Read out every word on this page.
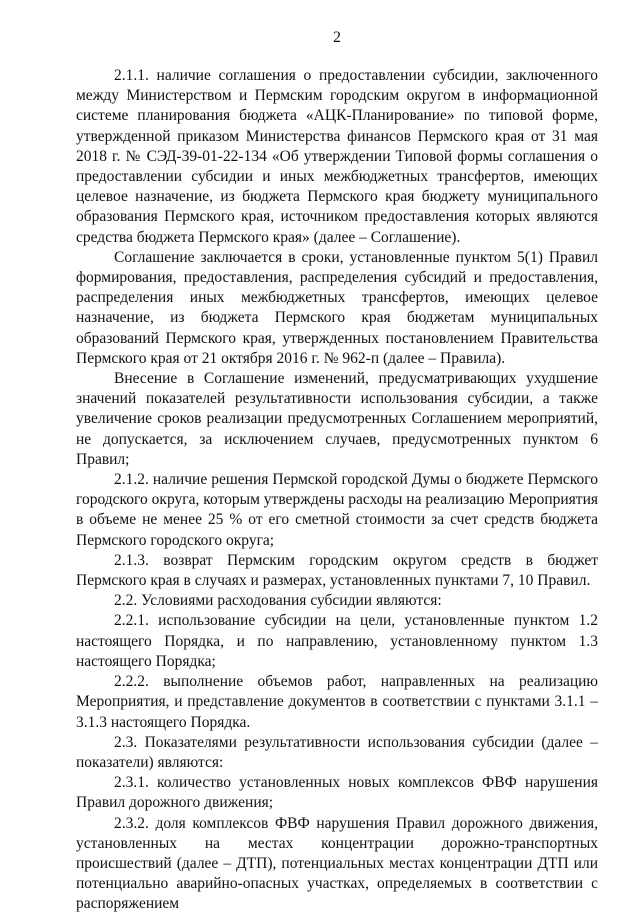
2

2.1.1. наличие соглашения о предоставлении субсидии, заключенного между Министерством и Пермским городским округом в информационной системе планирования бюджета «АЦК-Планирование» по типовой форме, утвержденной приказом Министерства финансов Пермского края от 31 мая 2018 г. № СЭД-39-01-22-134 «Об утверждении Типовой формы соглашения о предоставлении субсидии и иных межбюджетных трансфертов, имеющих целевое назначение, из бюджета Пермского края бюджету муниципального образования Пермского края, источником предоставления которых являются средства бюджета Пермского края» (далее – Соглашение).

Соглашение заключается в сроки, установленные пунктом 5(1) Правил формирования, предоставления, распределения субсидий и предоставления, распределения иных межбюджетных трансфертов, имеющих целевое назначение, из бюджета Пермского края бюджетам муниципальных образований Пермского края, утвержденных постановлением Правительства Пермского края от 21 октября 2016 г. № 962-п (далее – Правила).

Внесение в Соглашение изменений, предусматривающих ухудшение значений показателей результативности использования субсидии, а также увеличение сроков реализации предусмотренных Соглашением мероприятий, не допускается, за исключением случаев, предусмотренных пунктом 6 Правил;

2.1.2. наличие решения Пермской городской Думы о бюджете Пермского городского округа, которым утверждены расходы на реализацию Мероприятия в объеме не менее 25 % от его сметной стоимости за счет средств бюджета Пермского городского округа;

2.1.3. возврат Пермским городским округом средств в бюджет Пермского края в случаях и размерах, установленных пунктами 7, 10 Правил.

2.2. Условиями расходования субсидии являются:

2.2.1. использование субсидии на цели, установленные пунктом 1.2 настоящего Порядка, и по направлению, установленному пунктом 1.3 настоящего Порядка;

2.2.2. выполнение объемов работ, направленных на реализацию Мероприятия, и представление документов в соответствии с пунктами 3.1.1 – 3.1.3 настоящего Порядка.

2.3. Показателями результативности использования субсидии (далее – показатели) являются:

2.3.1. количество установленных новых комплексов ФВФ нарушения Правил дорожного движения;

2.3.2. доля комплексов ФВФ нарушения Правил дорожного движения, установленных на местах концентрации дорожно-транспортных происшествий (далее – ДТП), потенциальных местах концентрации ДТП или потенциально аварийно-опасных участках, определяемых в соответствии с распоряжением
